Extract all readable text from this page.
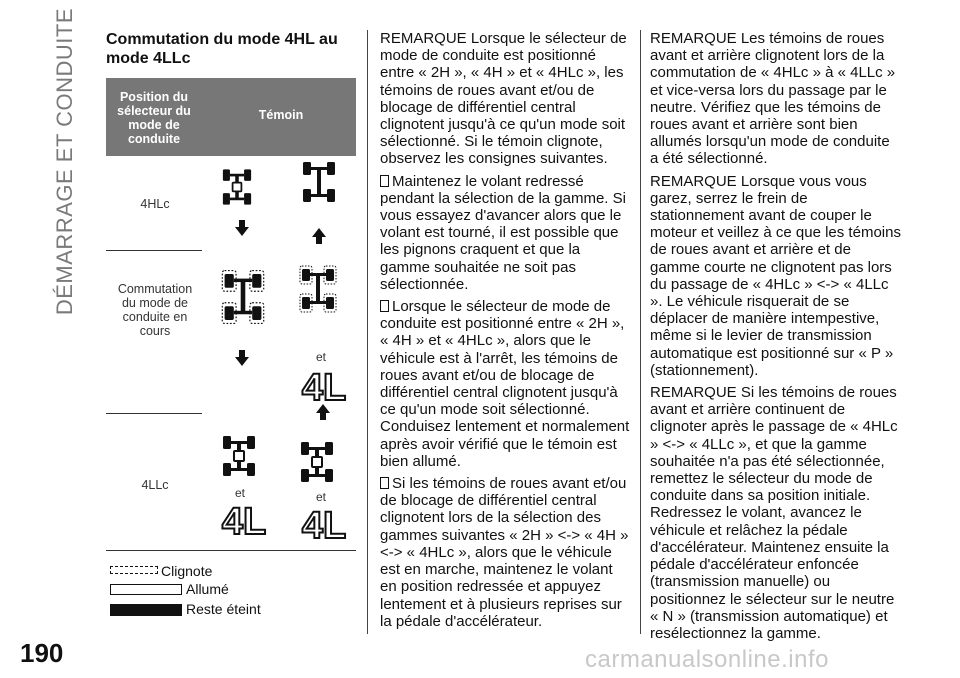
DÉMARRAGE ET CONDUITE Commutation du mode 4HL au mode 4LLc
Position du sélecteur du mode de conduite
Témoin
4HLc
Commutation du mode de conduite en cours
et
4L
4LLc
et
4L
et
4L
Clignote
Allumé
Reste éteint

REMARQUE Lorsque le sélecteur de mode de conduite est positionné entre « 2H », « 4H » et « 4HLc », les témoins de roues avant et/ou de blocage de différentiel central clignotent jusqu'à ce qu'un mode soit sélectionné. Si le témoin clignote, observez les consignes suivantes.

Maintenez le volant redressé pendant la sélection de la gamme. Si vous essayez d'avancer alors que le volant est tourné, il est possible que les pignons craquent et que la gamme souhaitée ne soit pas sélectionnée.

Lorsque le sélecteur de mode de conduite est positionné entre « 2H », « 4H » et « 4HLc », alors que le véhicule est à l'arrêt, les témoins de roues avant et/ou de blocage de différentiel central clignotent jusqu'à ce qu'un mode soit sélectionné. Conduisez lentement et normalement après avoir vérifié que le témoin est bien allumé.

Si les témoins de roues avant et/ou de blocage de différentiel central clignotent lors de la sélection des gammes suivantes « 2H » <-> « 4H » <-> « 4HLc », alors que le véhicule est en marche, maintenez le volant en position redressée et appuyez lentement et à plusieurs reprises sur la pédale d'accélérateur.

REMARQUE Les témoins de roues avant et arrière clignotent lors de la commutation de « 4HLc » à « 4LLc » et vice-versa lors du passage par le neutre. Vérifiez que les témoins de roues avant et arrière sont bien allumés lorsqu'un mode de conduite a été sélectionné.

REMARQUE Lorsque vous vous garez, serrez le frein de stationnement avant de couper le moteur et veillez à ce que les témoins de roues avant et arrière et de gamme courte ne clignotent pas lors du passage de « 4HLc » <-> « 4LLc ». Le véhicule risquerait de se déplacer de manière intempestive, même si le levier de transmission automatique est positionné sur « P » (stationnement).

REMARQUE Si les témoins de roues avant et arrière continuent de clignoter après le passage de « 4HLc » <-> « 4LLc », et que la gamme souhaitée n'a pas été sélectionnée, remettez le sélecteur du mode de conduite dans sa position initiale. Redressez le volant, avancez le véhicule et relâchez la pédale d'accélérateur. Maintenez ensuite la pédale d'accélérateur enfoncée (transmission manuelle) ou positionnez le sélecteur sur le neutre « N » (transmission automatique) et resélectionnez la gamme.

190	carmanualsonline.info
